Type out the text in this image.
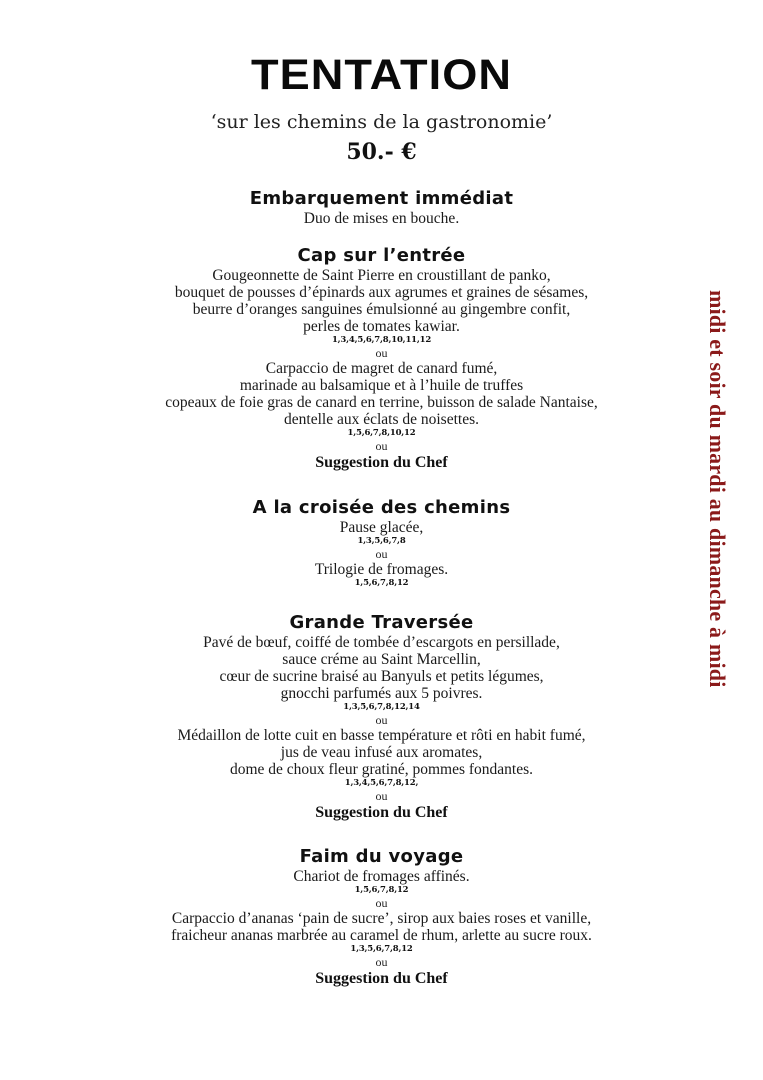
TENTATION
‘sur les chemins de la gastronomie’
50.- €
Embarquement immédiat
Duo de mises en bouche.
Cap sur l’entrée
Gougeonnette de Saint Pierre en croustillant de panko,
bouquet de pousses d’épinards aux agrumes et graines de sésames,
beurre d’oranges sanguines émulsionné au gingembre confit,
perles de tomates kawiar.
1,3,4,5,6,7,8,10,11,12
ou
Carpaccio de magret de canard fumé,
marinade au balsamique et à l’huile de truffes
copeaux de foie gras de canard en terrine, buisson de salade Nantaise,
dentelle aux éclats de noisettes.
1,5,6,7,8,10,12
ou
Suggestion du Chef
A la croisée des chemins
Pause glacée,
1,3,5,6,7,8
ou
Trilogie de fromages.
1,5,6,7,8,12
Grande Traversée
Pavé de bœuf, coiffé de tombée d’escargots en persillade,
sauce créme au Saint Marcellin,
cœur de sucrine braisé au Banyuls et petits légumes,
gnocchi parfumés aux 5 poivres.
1,3,5,6,7,8,12,14
ou
Médaillon de lotte cuit en basse température et rôti en habit fumé,
jus de veau infusé aux aromates,
dome de choux fleur gratiné, pommes fondantes.
1,3,4,5,6,7,8,12,
ou
Suggestion du Chef
Faim du voyage
Chariot de fromages affinés.
1,5,6,7,8,12
ou
Carpaccio d’ananas ‘pain de sucre’, sirop aux baies roses et vanille,
fraicheur ananas marbrée au caramel de rhum, arlette au sucre roux.
1,3,5,6,7,8,12
ou
Suggestion du Chef
midi et soir du mardi au dimanche à midi
